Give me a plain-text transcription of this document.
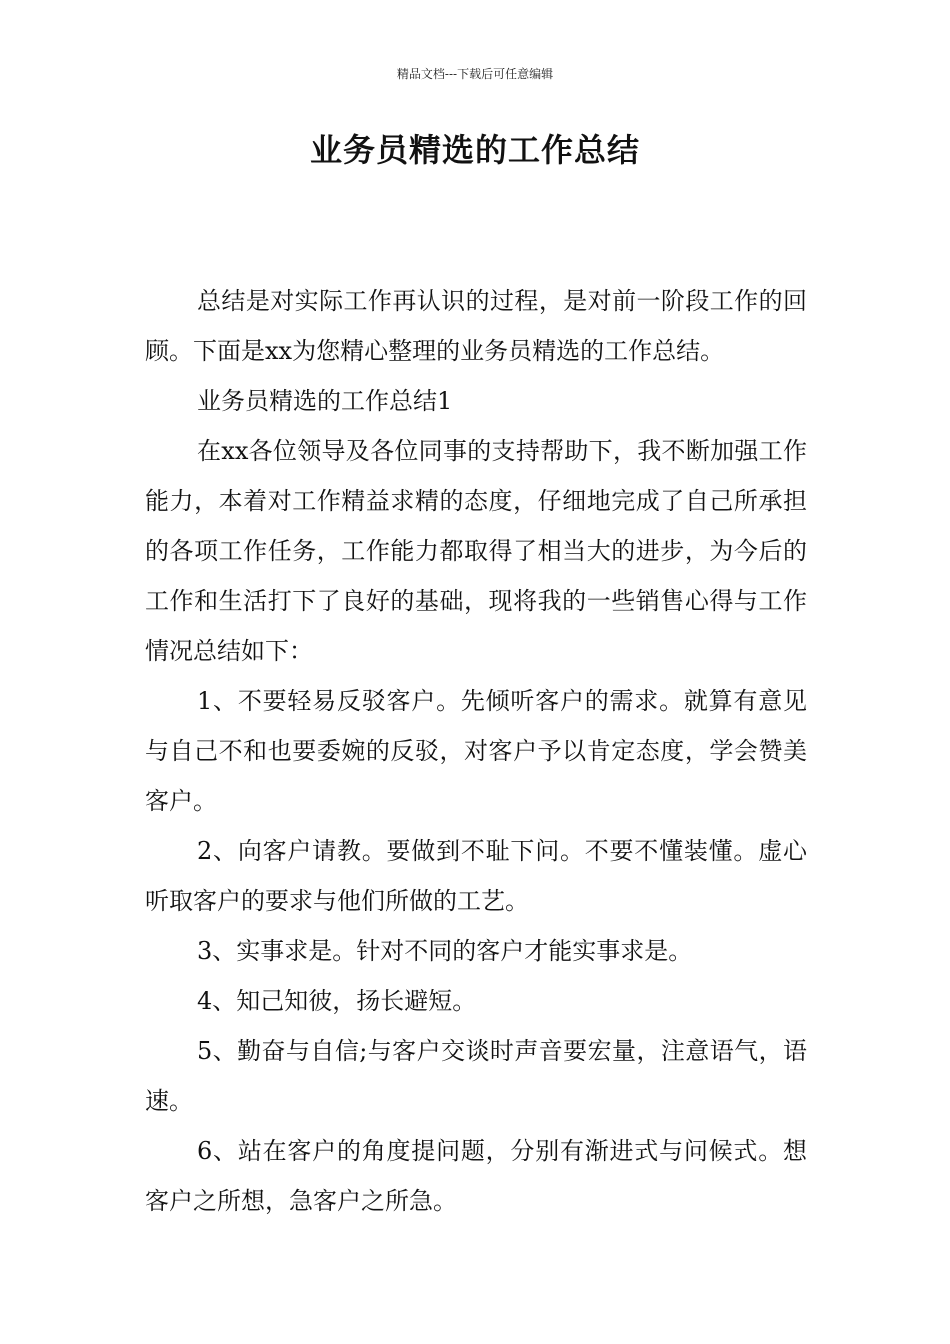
精品文档---下载后可任意编辑
业务员精选的工作总结

总结是对实际工作再认识的过程，是对前一阶段工作的回顾。下面是xx为您精心整理的业务员精选的工作总结。

业务员精选的工作总结1

在xx各位领导及各位同事的支持帮助下，我不断加强工作能力，本着对工作精益求精的态度，仔细地完成了自己所承担的各项工作任务，工作能力都取得了相当大的进步，为今后的工作和生活打下了良好的基础，现将我的一些销售心得与工作情况总结如下：

1、不要轻易反驳客户。先倾听客户的需求。就算有意见与自己不和也要委婉的反驳，对客户予以肯定态度，学会赞美客户。

2、向客户请教。要做到不耻下问。不要不懂装懂。虚心听取客户的要求与他们所做的工艺。

3、实事求是。针对不同的客户才能实事求是。

4、知己知彼，扬长避短。

5、勤奋与自信;与客户交谈时声音要宏量，注意语气，语速。

6、站在客户的角度提问题，分别有渐进式与问候式。想客户之所想，急客户之所急。
